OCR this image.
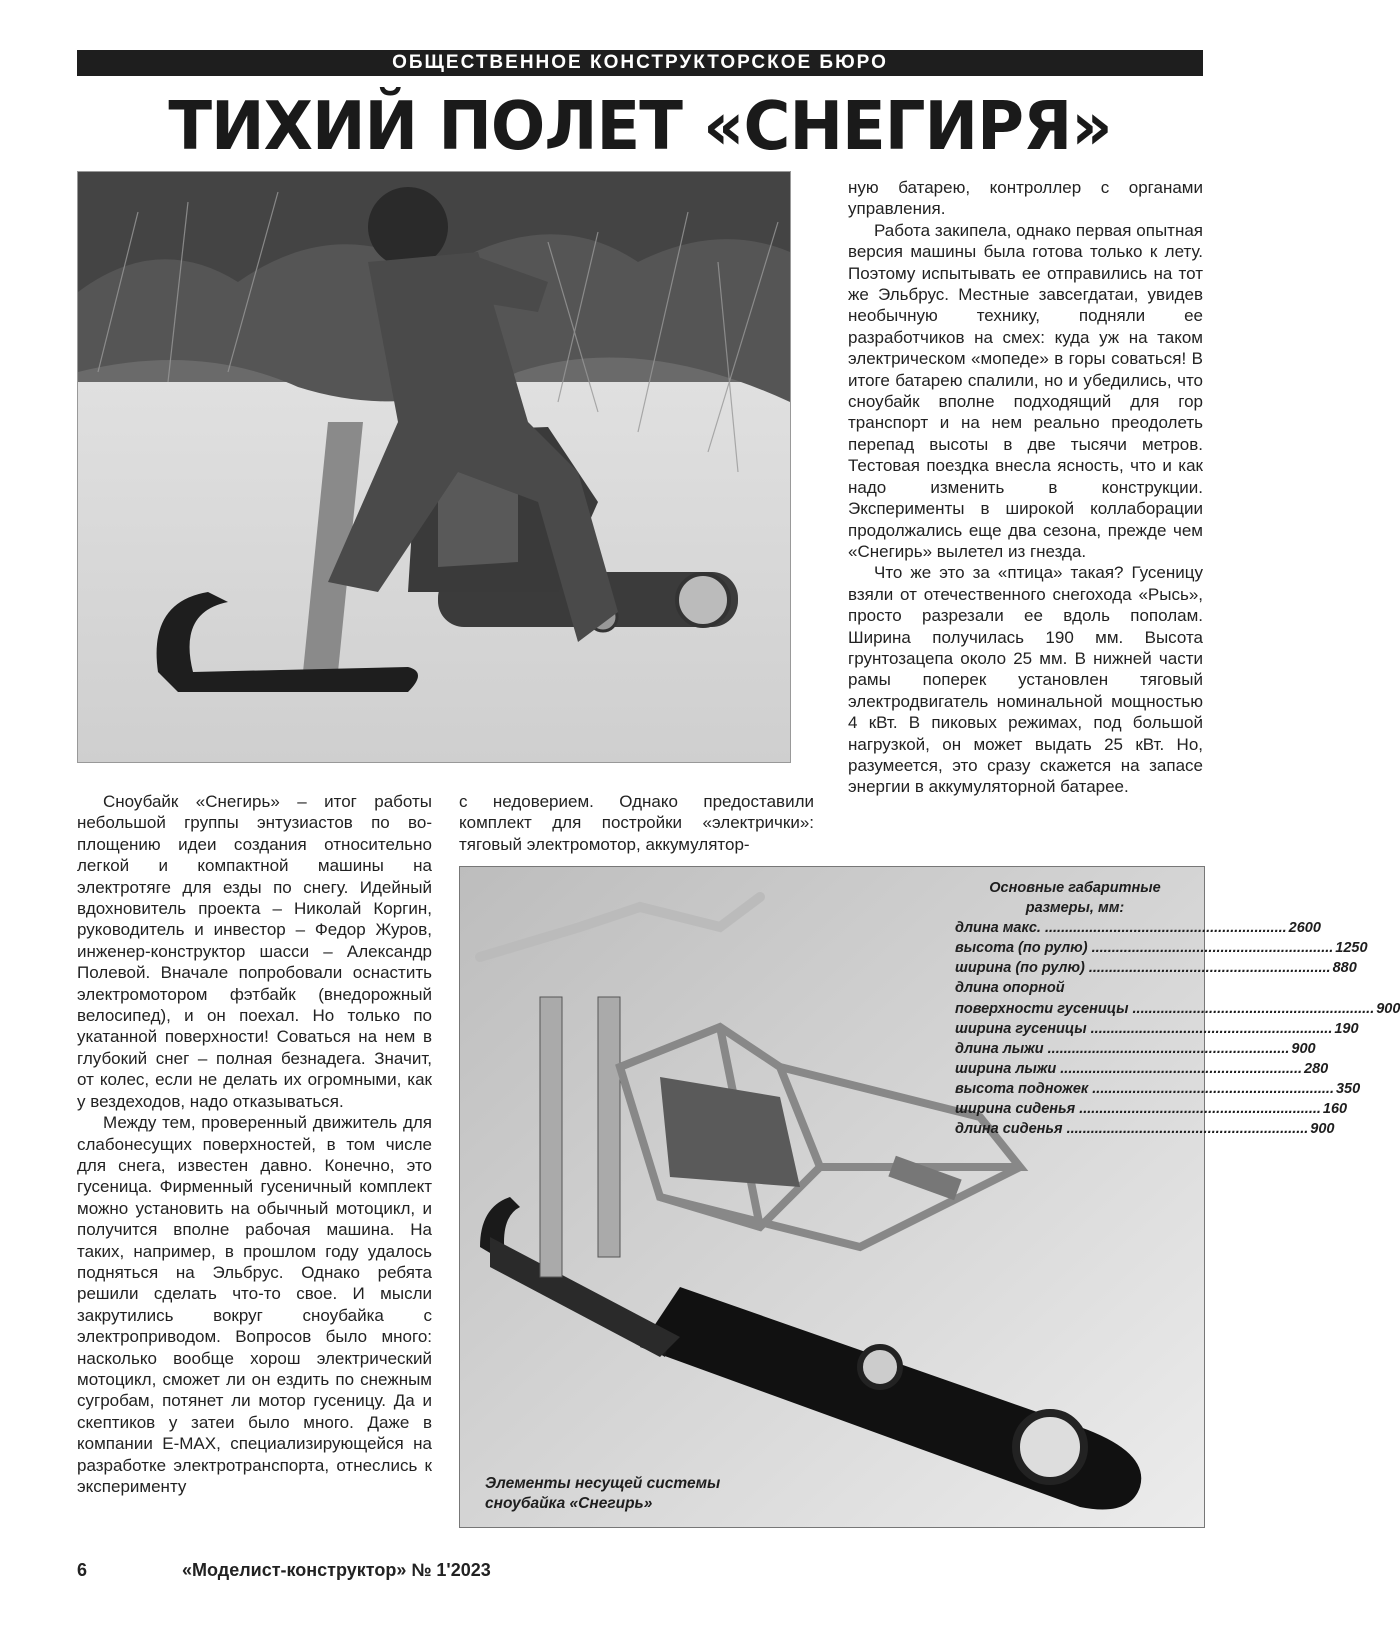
ОБЩЕСТВЕННОЕ КОНСТРУКТОРСКОЕ БЮРО
ТИХИЙ ПОЛЕТ «СНЕГИРЯ»

ную батарею, контроллер с органами управления.

Работа закипела, однако первая опытная версия машины была готова только к лету. Поэтому испытывать ее отправились на тот же Эльбрус. Местные завсегдатаи, увидев необычную технику, подняли ее разработчиков на смех: куда уж на таком электрическом «мопеде» в горы соваться! В итоге батарею спалили, но и убедились, что сноубайк вполне подходящий для гор транспорт и на нем реально преодолеть перепад высоты в две тысячи метров. Тестовая поездка внесла ясность, что и как надо изменить в конструкции. Эксперименты в широкой коллаборации продолжались еще два сезона, прежде чем «Снегирь» вылетел из гнезда.

Что же это за «птица» такая? Гусеницу взяли от отечественного снегохода «Рысь», просто разрезали ее вдоль пополам. Ширина получилась 190 мм. Высота грунтозацепа около 25 мм. В нижней части рамы поперек установлен тяговый электродвигатель номинальной мощностью 4 кВт. В пиковых режимах, под большой нагрузкой, он может выдать 25 кВт. Но, разумеется, это сразу скажется на запасе энергии в аккумуляторной батарее.

Сноубайк «Снегирь» – итог работы небольшой группы энтузиастов по воплощению идеи создания относительно легкой и компактной машины на электротяге для езды по снегу. Идейный вдохновитель проекта – Николай Коргин, руководитель и инвестор – Федор Журов, инженер-конструктор шасси – Александр Полевой. Вначале попробовали оснастить электромотором фэтбайк (внедорожный велосипед), и он поехал. Но только по укатанной поверхности! Соваться на нем в глубокий снег – полная безнадега. Значит, от колес, если не делать их огромными, как у вездеходов, надо отказываться.

Между тем, проверенный движитель для слабонесущих поверхностей, в том числе для снега, известен давно. Конечно, это гусеница. Фирменный гусеничный комплект можно установить на обычный мотоцикл, и получится вполне рабочая машина. На таких, например, в прошлом году удалось подняться на Эльбрус. Однако ребята решили сделать что-то свое. И мысли закрутились вокруг сноубайка с электроприводом. Вопросов было много: насколько вообще хорош электрический мотоцикл, сможет ли он ездить по снежным сугробам, потянет ли мотор гусеницу. Да и скептиков у затеи было много. Даже в компании E-MAX, специализирующейся на разработке электротранспорта, отнеслись к эксперименту

с недоверием. Однако предоставили комплект для постройки «электрички»: тяговый электромотор, аккумулятор-

Основные габаритные размеры, мм:
длина макс. ............................................................ 2600
высота (по рулю) ............................................................ 1250
ширина (по рулю) ............................................................ 880
длина опорной
поверхности гусеницы ............................................................ 900
ширина гусеницы ............................................................ 190
длина лыжи ............................................................ 900
ширина лыжи ............................................................ 280
высота подножек ............................................................ 350
ширина сиденья ............................................................ 160
длина сиденья ............................................................ 900
Элементы несущей системы
сноубайка «Снегирь»
6	«Моделист-конструктор» № 1'2023
